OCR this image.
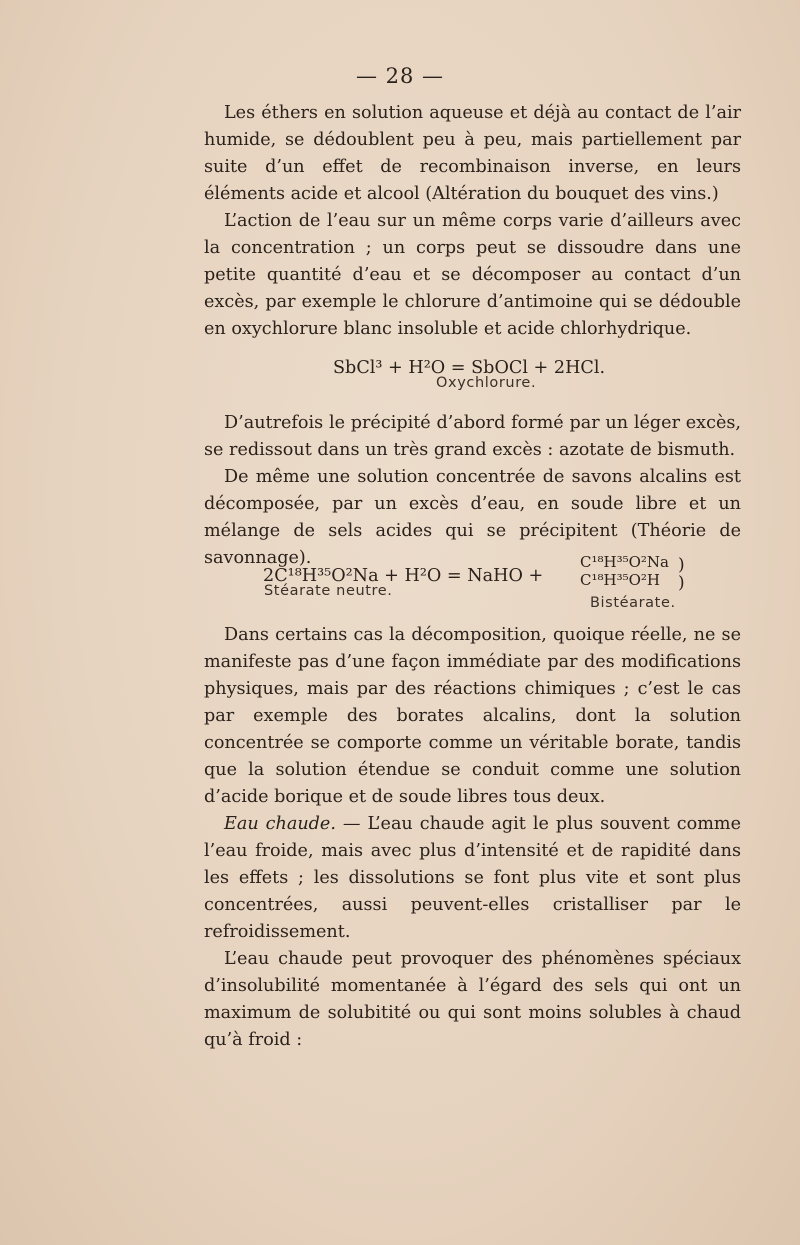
— 28 —

Les éthers en solution aqueuse et déjà au contact de l’air humide, se dédoublent peu à peu, mais partiellement par suite d’un effet de recombinaison inverse, en leurs éléments acide et alcool (Altération du bouquet des vins.)

L’action de l’eau sur un même corps varie d’ailleurs avec la concentration ; un corps peut se dissoudre dans une petite quantité d’eau et se décomposer au contact d’un excès, par exemple le chlorure d’antimoine qui se dédouble en oxychlorure blanc insoluble et acide chlorhydrique.

SbCl³ + H²O = SbOCl + 2HCl.
Oxychlorure.

D’autrefois le précipité d’abord formé par un léger excès, se redissout dans un très grand excès : azotate de bismuth.

De même une solution concentrée de savons alcalins est décomposée, par un excès d’eau, en soude libre et un mélange de sels acides qui se précipitent (Théorie de savonnage).

2C¹⁸H³⁵O²Na + H²O = NaHO +
C¹⁸H³⁵O²Na
C¹⁸H³⁵O²H
)
)
Stéarate neutre.
Bistéarate.

Dans certains cas la décomposition, quoique réelle, ne se manifeste pas d’une façon immédiate par des modifications physiques, mais par des réactions chimiques ; c’est le cas par exemple des borates alcalins, dont la solution concentrée se comporte comme un véritable borate, tandis que la solution étendue se conduit comme une solution d’acide borique et de soude libres tous deux.

Eau chaude. — L’eau chaude agit le plus souvent comme l’eau froide, mais avec plus d’intensité et de rapidité dans les effets ; les dissolutions se font plus vite et sont plus concentrées, aussi peuvent-elles cristalliser par le refroidissement.

L’eau chaude peut provoquer des phénomènes spéciaux d’insolubilité momentanée à l’égard des sels qui ont un maximum de solubitité ou qui sont moins solubles à chaud qu’à froid :
